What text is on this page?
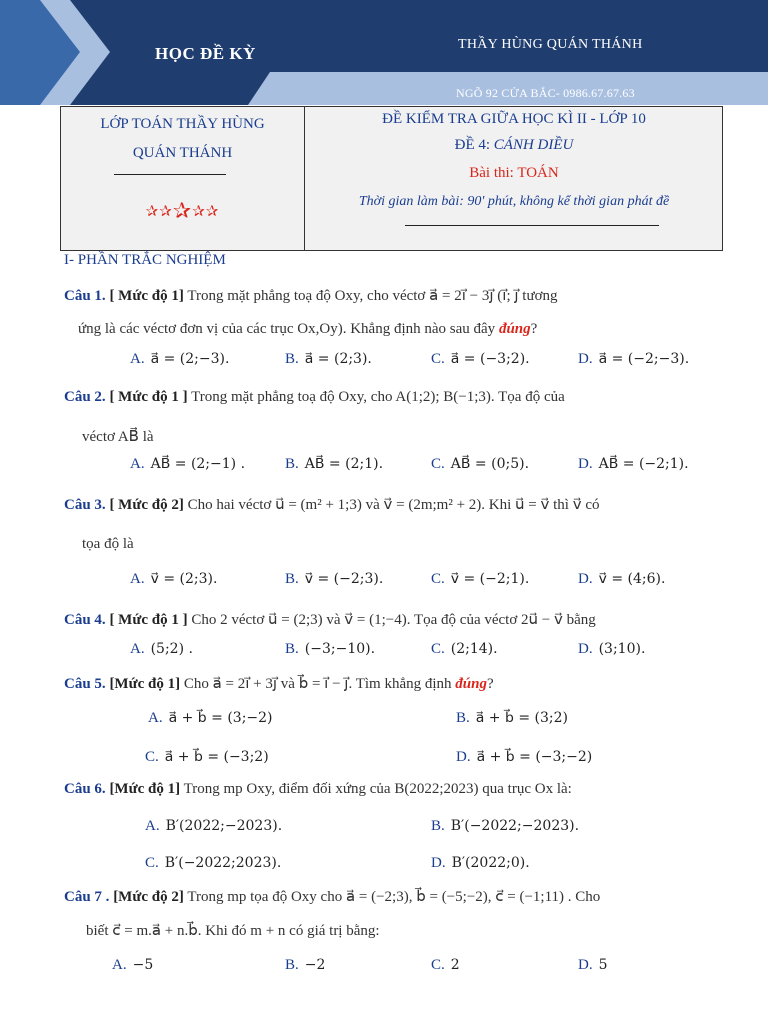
HỌC ĐỀ KỲ	THẦY HÙNG QUÁN THÁNH
NGÕ 92 CỬA BẮC- 0986.67.67.63
LỚP TOÁN THẦY HÙNG
QUÁN THÁNH
✰✰✰✰✰
ĐỀ KIỂM TRA GIỮA HỌC KÌ II - LỚP 10
ĐỀ 4: CÁNH DIỀU
Bài thi: TOÁN
Thời gian làm bài: 90' phút, không kể thời gian phát đề
I- PHẦN TRẮC NGHIỆM
Câu 1. [ Mức độ 1] Trong mặt phẳng toạ độ Oxy, cho véctơ a⃗ = 2i⃗ − 3j⃗ (i⃗; j⃗ tương
ứng là các véctơ đơn vị của các trục Ox,Oy). Khẳng định nào sau đây đúng?
A. a⃗ = (2;−3).	B. a⃗ = (2;3).	C. a⃗ = (−3;2).	D. a⃗ = (−2;−3).
Câu 2. [ Mức độ 1 ] Trong mặt phẳng toạ độ Oxy, cho A(1;2); B(−1;3). Tọa độ của
véctơ AB⃗ là
A. AB⃗ = (2;−1) .	B. AB⃗ = (2;1).	C. AB⃗ = (0;5).	D. AB⃗ = (−2;1).
Câu 3. [ Mức độ 2] Cho hai véctơ u⃗ = (m² + 1;3) và v⃗ = (2m;m² + 2). Khi u⃗ = v⃗ thì v⃗ có
tọa độ là
A. v⃗ = (2;3).	B. v⃗ = (−2;3).	C. v⃗ = (−2;1).	D. v⃗ = (4;6).
Câu 4. [ Mức độ 1 ] Cho 2 véctơ u⃗ = (2;3) và v⃗ = (1;−4). Tọa độ của véctơ 2u⃗ − v⃗ bằng
A. (5;2) .	B. (−3;−10).	C. (2;14).	D. (3;10).
Câu 5. [Mức độ 1] Cho a⃗ = 2i⃗ + 3j⃗ và b⃗ = i⃗ − j⃗. Tìm khẳng định đúng?
A. a⃗ + b⃗ = (3;−2)	B. a⃗ + b⃗ = (3;2)
C. a⃗ + b⃗ = (−3;2)	D. a⃗ + b⃗ = (−3;−2)
Câu 6. [Mức độ 1] Trong mp Oxy, điểm đối xứng của B(2022;2023) qua trục Ox là:
A. B′(2022;−2023).	B. B′(−2022;−2023).
C. B′(−2022;2023).	D. B′(2022;0).
Câu 7 . [Mức độ 2] Trong mp tọa độ Oxy cho a⃗ = (−2;3), b⃗ = (−5;−2), c⃗ = (−1;11) . Cho
biết c⃗ = m.a⃗ + n.b⃗. Khi đó m + n có giá trị bằng:
A. −5	B. −2	C. 2	D. 5
